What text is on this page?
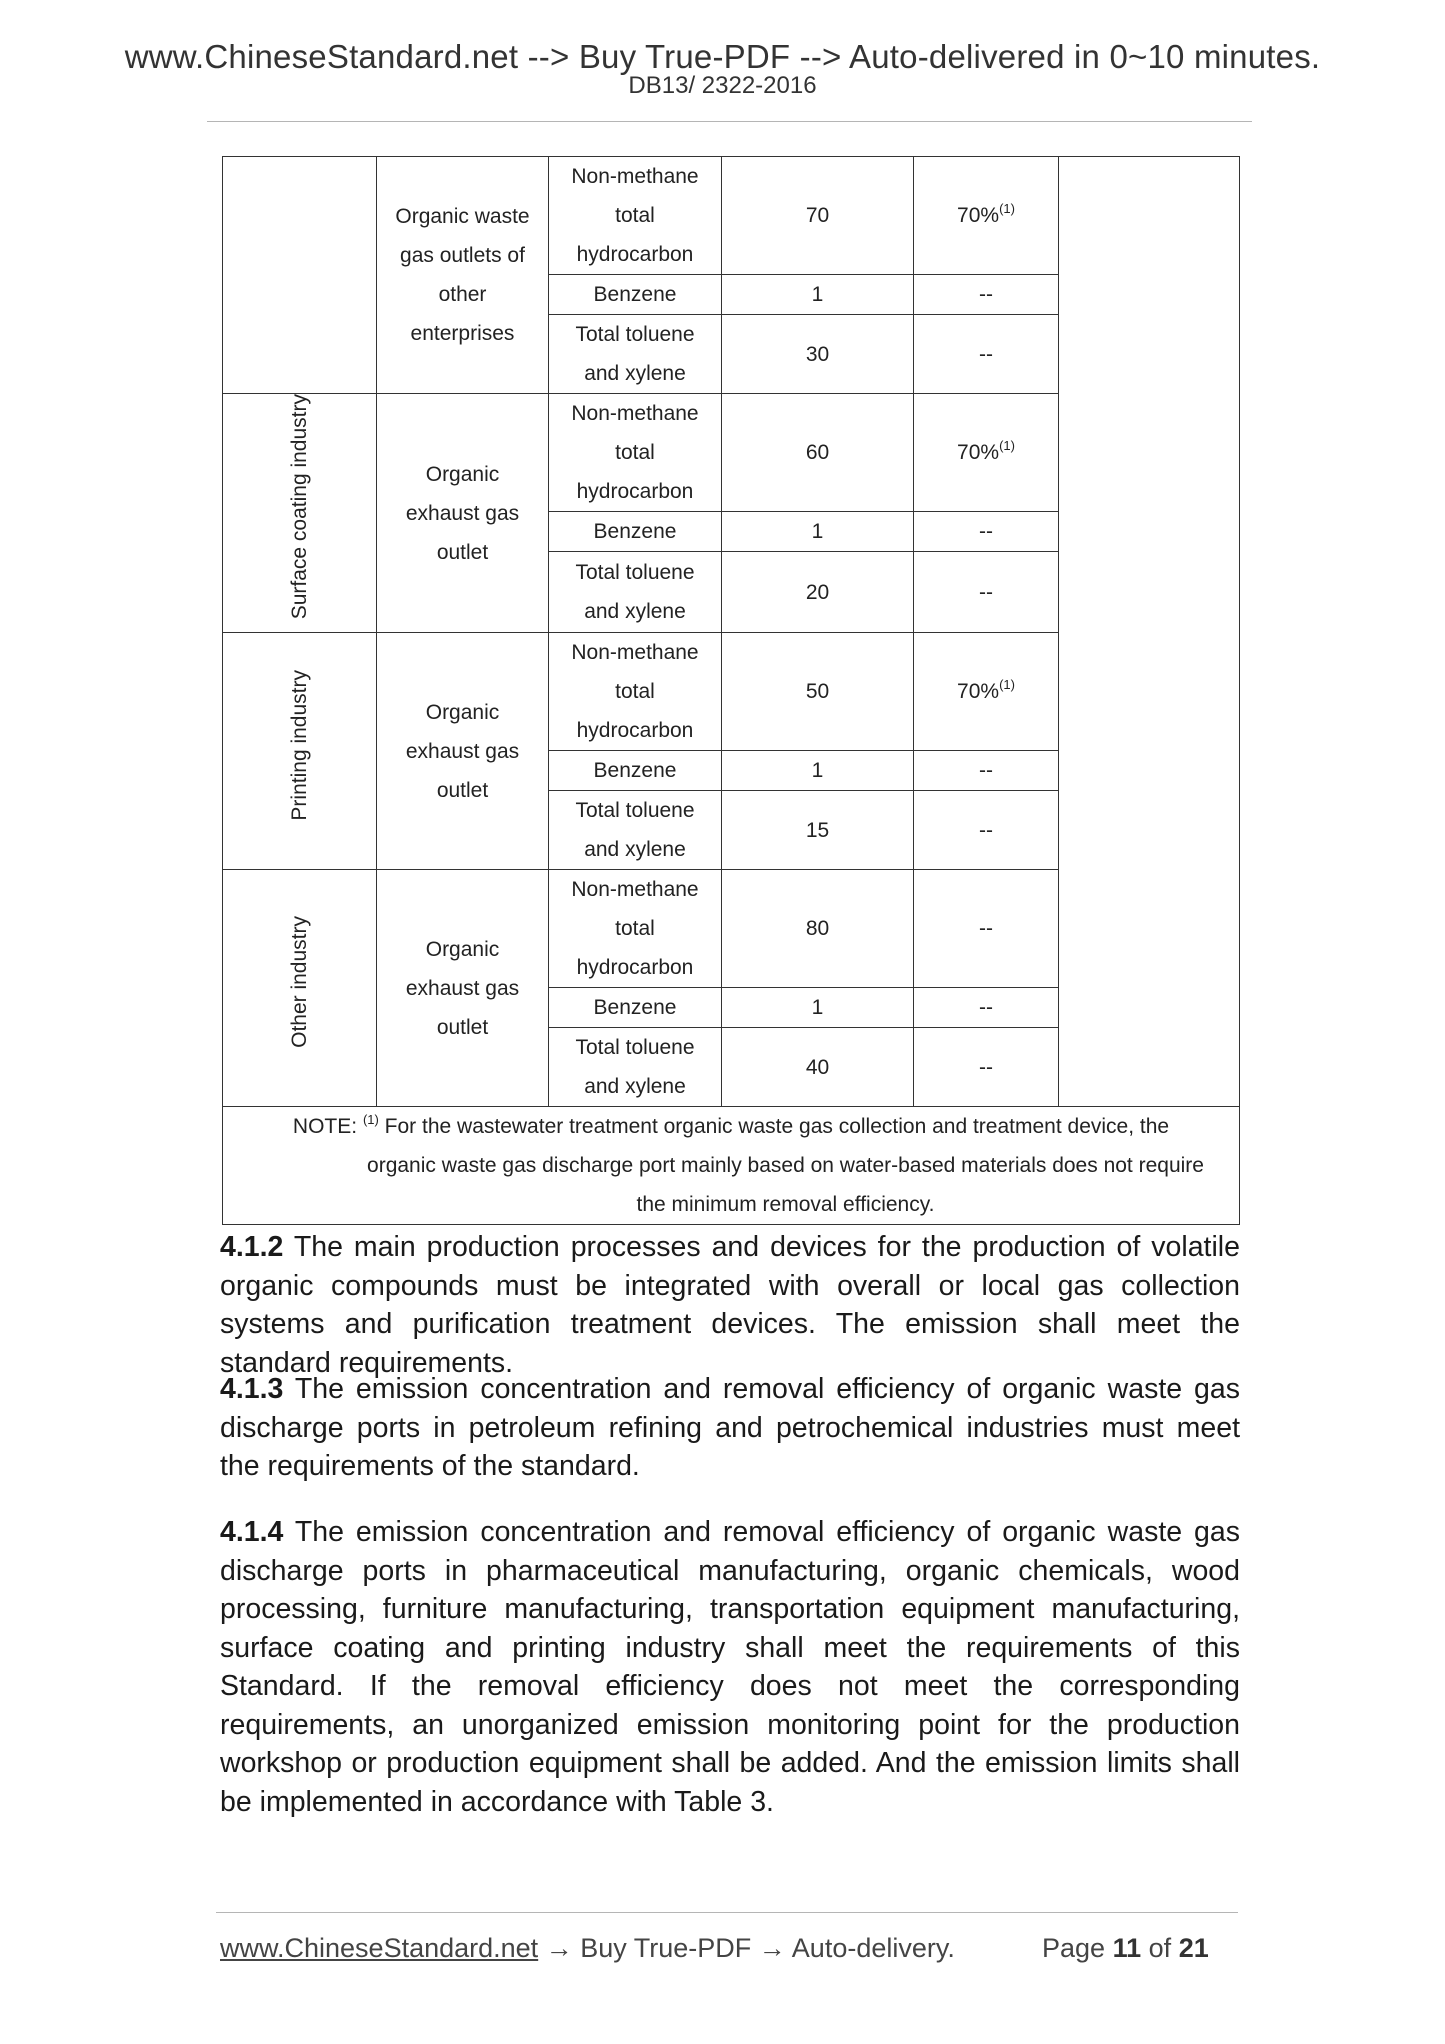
www.ChineseStandard.net --> Buy True-PDF --> Auto-delivered in 0~10 minutes.
DB13/ 2322-2016
	Organic waste gas outlets of other enterprises	Non-methane total hydrocarbon	70	70%$^{(1)}$	

		Benzene	1	--	
		Total toluene and xylene	30	--	

Surface coating industry	Organic exhaust gas outlet	Non-methane total hydrocarbon	60	70%$^{(1)}$

		Benzene	1	--	
		Total toluene and xylene	20	--	

Printing industry	Organic exhaust gas outlet	Non-methane total hydrocarbon	50	70%$^{(1)}$

		Benzene	1	--	
		Total toluene and xylene	15	--	

Other industry	Organic exhaust gas outlet	Non-methane total hydrocarbon	80	--	

		Benzene	1	--	
		Total toluene and xylene	40	--	

NOTE: $^{(1)}$ For the wastewater treatment organic waste gas collection and treatment device, the
organic waste gas discharge port mainly based on water-based materials does not require
the minimum removal efficiency.					
4.1.2 The main production processes and devices for the production of volatile organic compounds must be integrated with overall or local gas collection systems and purification treatment devices. The emission shall meet the standard requirements.
4.1.3 The emission concentration and removal efficiency of organic waste gas discharge ports in petroleum refining and petrochemical industries must meet the requirements of the standard.
4.1.4 The emission concentration and removal efficiency of organic waste gas discharge ports in pharmaceutical manufacturing, organic chemicals, wood processing, furniture manufacturing, transportation equipment manufacturing, surface coating and printing industry shall meet the requirements of this Standard. If the removal efficiency does not meet the corresponding requirements, an unorganized emission monitoring point for the production workshop or production equipment shall be added. And the emission limits shall be implemented in accordance with Table 3.
www.ChineseStandard.net → Buy True-PDF → Auto-delivery.	Page 11 of 21
